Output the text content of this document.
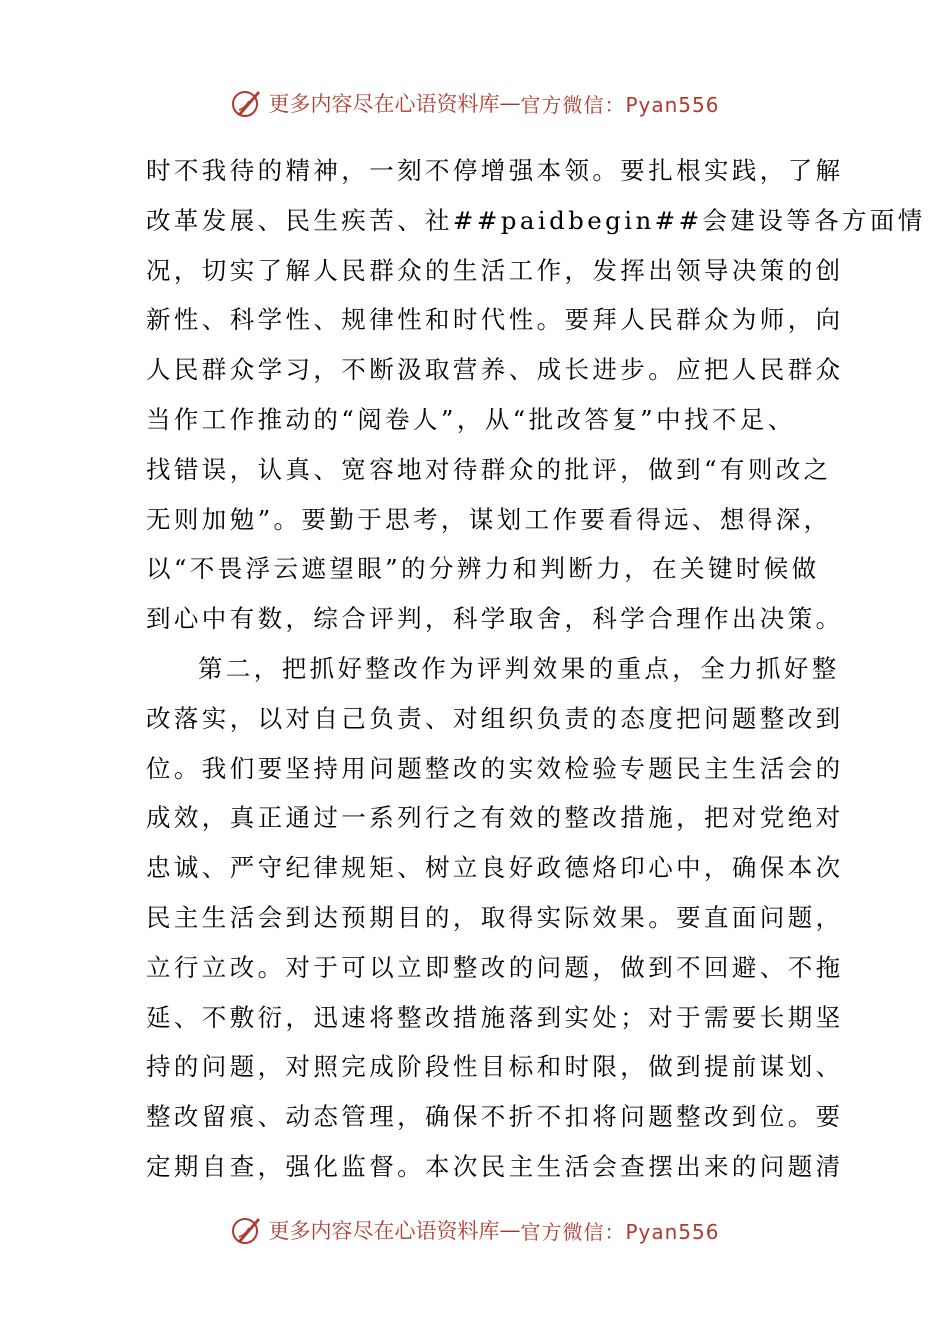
更多内容尽在心语资料库 — 官方微信：Pyan556
时不我待的精神，一刻不停增强本领。要扎根实践，了解
改革发展、民生疾苦、社##paidbegin##会建设等各方面情
况，切实了解人民群众的生活工作，发挥出领导决策的创
新性、科学性、规律性和时代性。要拜人民群众为师，向
人民群众学习，不断汲取营养、成长进步。应把人民群众
当作工作推动的“阅卷人”，从“批改答复”中找不足、
找错误，认真、宽容地对待群众的批评，做到“有则改之
无则加勉”。要勤于思考，谋划工作要看得远、想得深，
以“不畏浮云遮望眼”的分辨力和判断力，在关键时候做
到心中有数，综合评判，科学取舍，科学合理作出决策。
第二，把抓好整改作为评判效果的重点，全力抓好整
改落实，以对自己负责、对组织负责的态度把问题整改到
位。我们要坚持用问题整改的实效检验专题民主生活会的
成效，真正通过一系列行之有效的整改措施，把对党绝对
忠诚、严守纪律规矩、树立良好政德烙印心中，确保本次
民主生活会到达预期目的，取得实际效果。要直面问题，
立行立改。对于可以立即整改的问题，做到不回避、不拖
延、不敷衍，迅速将整改措施落到实处；对于需要长期坚
持的问题，对照完成阶段性目标和时限，做到提前谋划、
整改留痕、动态管理，确保不折不扣将问题整改到位。要
定期自查，强化监督。本次民主生活会查摆出来的问题清
更多内容尽在心语资料库 — 官方微信：Pyan556
